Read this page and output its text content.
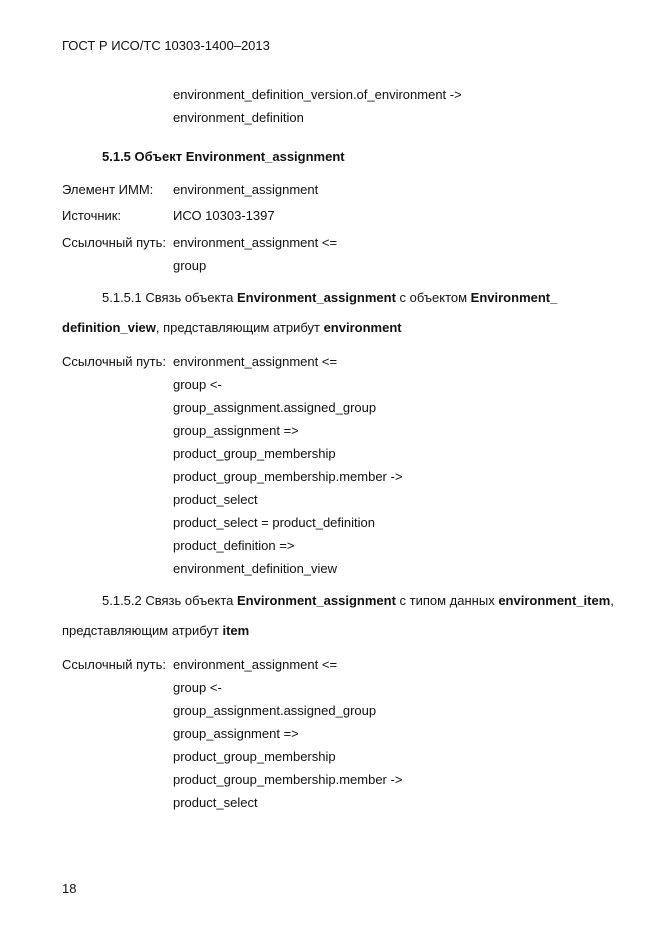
ГОСТ Р ИСО/ТС 10303-1400–2013
environment_definition_version.of_environment ->
environment_definition
5.1.5 Объект Environment_assignment
Элемент ИММ: environment_assignment
Источник:	ИСО 10303-1397
Ссылочный путь: environment_assignment <=
group
5.1.5.1 Связь объекта Environment_assignment с объектом Environment_
definition_view, представляющим атрибут environment
Ссылочный путь: environment_assignment <=
group <-
group_assignment.assigned_group
group_assignment =>
product_group_membership
product_group_membership.member ->
product_select
product_select = product_definition
product_definition =>
environment_definition_view
5.1.5.2 Связь объекта Environment_assignment с типом данных environment_item,
представляющим атрибут item
Ссылочный путь: environment_assignment <=
group <-
group_assignment.assigned_group
group_assignment =>
product_group_membership
product_group_membership.member ->
product_select
18
